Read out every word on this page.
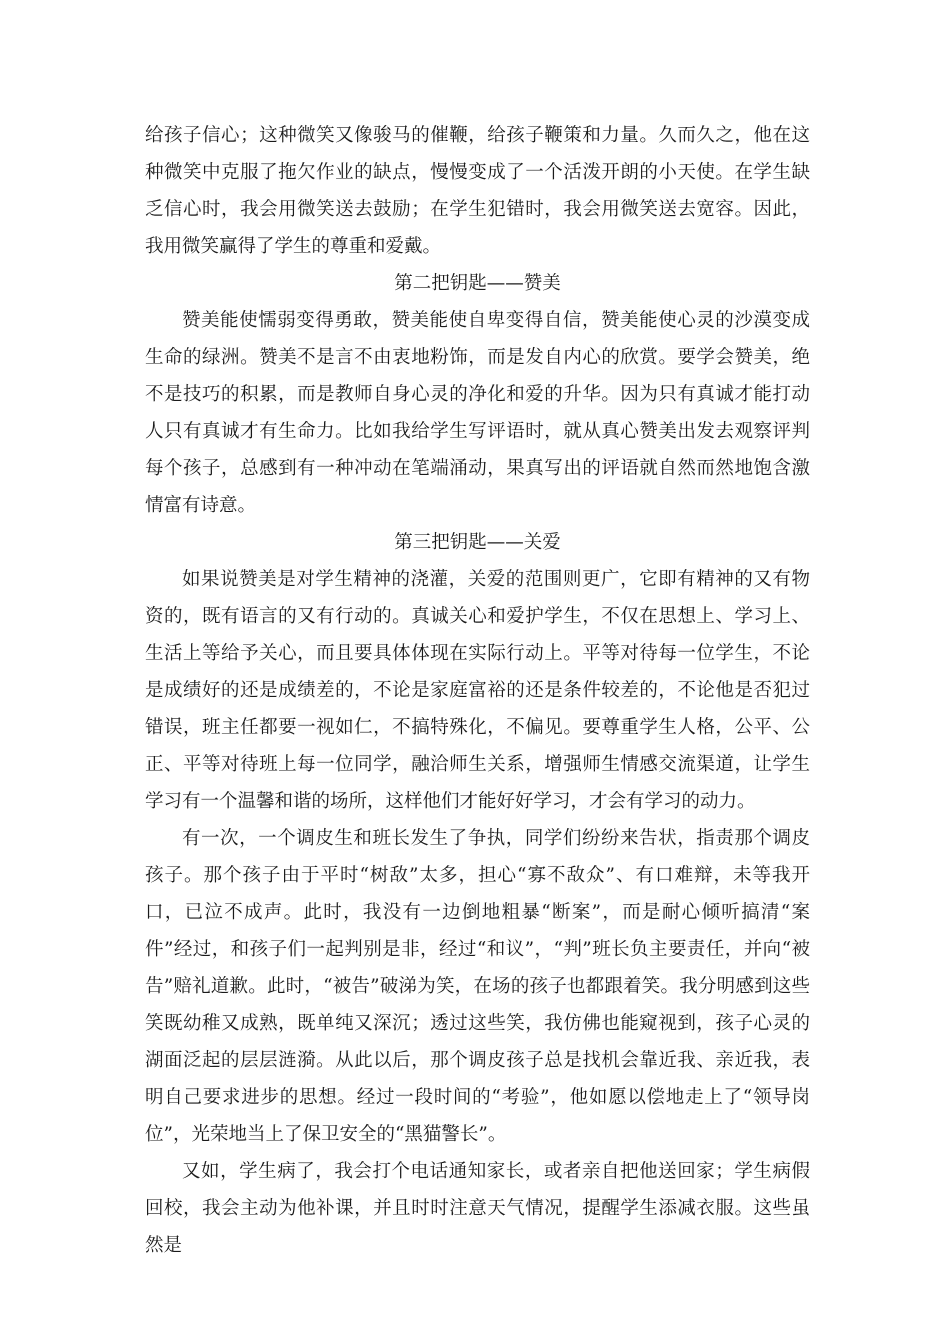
给孩子信心；这种微笑又像骏马的催鞭，给孩子鞭策和力量。久而久之，他在这种微笑中克服了拖欠作业的缺点，慢慢变成了一个活泼开朗的小天使。在学生缺乏信心时，我会用微笑送去鼓励；在学生犯错时，我会用微笑送去宽容。因此，我用微笑赢得了学生的尊重和爱戴。

第二把钥匙——赞美

赞美能使懦弱变得勇敢，赞美能使自卑变得自信，赞美能使心灵的沙漠变成生命的绿洲。赞美不是言不由衷地粉饰，而是发自内心的欣赏。要学会赞美，绝不是技巧的积累，而是教师自身心灵的净化和爱的升华。因为只有真诚才能打动人只有真诚才有生命力。比如我给学生写评语时，就从真心赞美出发去观察评判每个孩子，总感到有一种冲动在笔端涌动，果真写出的评语就自然而然地饱含激情富有诗意。

第三把钥匙——关爱

如果说赞美是对学生精神的浇灌，关爱的范围则更广，它即有精神的又有物资的，既有语言的又有行动的。真诚关心和爱护学生，不仅在思想上、学习上、生活上等给予关心，而且要具体体现在实际行动上。平等对待每一位学生，不论是成绩好的还是成绩差的，不论是家庭富裕的还是条件较差的，不论他是否犯过错误，班主任都要一视如仁，不搞特殊化，不偏见。要尊重学生人格，公平、公正、平等对待班上每一位同学，融洽师生关系，增强师生情感交流渠道，让学生学习有一个温馨和谐的场所，这样他们才能好好学习，才会有学习的动力。

有一次，一个调皮生和班长发生了争执，同学们纷纷来告状，指责那个调皮孩子。那个孩子由于平时“树敌”太多，担心“寡不敌众”、有口难辩，未等我开口，已泣不成声。此时，我没有一边倒地粗暴“断案”，而是耐心倾听搞清“案件”经过，和孩子们一起判别是非，经过“和议”，“判”班长负主要责任，并向“被告”赔礼道歉。此时，“被告”破涕为笑，在场的孩子也都跟着笑。我分明感到这些笑既幼稚又成熟，既单纯又深沉；透过这些笑，我仿佛也能窥视到，孩子心灵的湖面泛起的层层涟漪。从此以后，那个调皮孩子总是找机会靠近我、亲近我，表明自己要求进步的思想。经过一段时间的“考验”，他如愿以偿地走上了“领导岗位”，光荣地当上了保卫安全的“黑猫警长”。

又如，学生病了，我会打个电话通知家长，或者亲自把他送回家；学生病假回校，我会主动为他补课，并且时时注意天气情况，提醒学生添减衣服。这些虽然是
